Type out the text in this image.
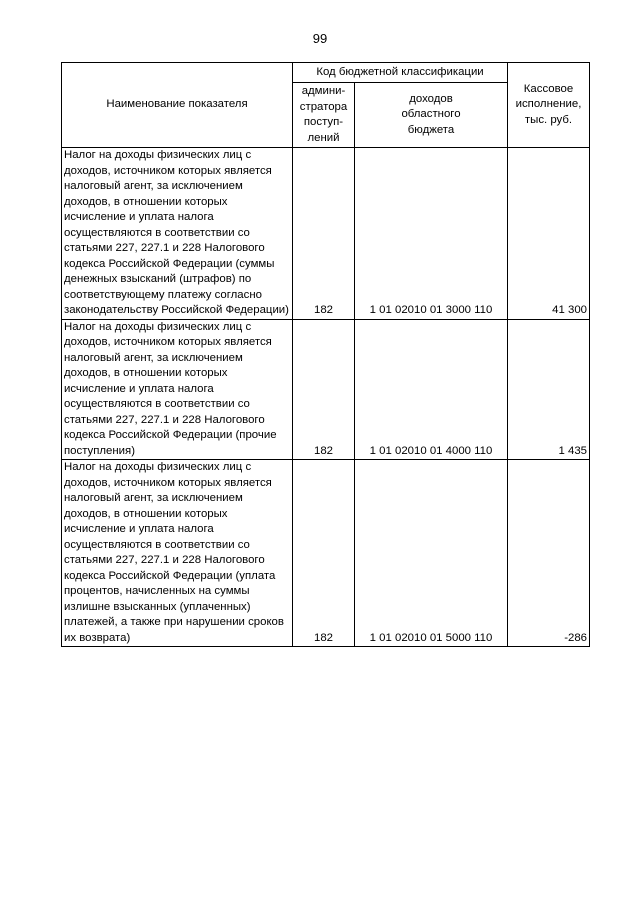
99
Наименование показателя	Код бюджетной классификации		Кассовое
исполнение,
тыс. руб.
	админи-
стратора
поступ-
лений	доходов
областного
бюджета	
Налог на доходы физических лиц с доходов, источником которых является налоговый агент, за исключением доходов, в отношении которых исчисление и уплата налога осуществляются в соответствии со статьями 227, 227.1 и 228 Налогового кодекса Российской Федерации (суммы денежных взысканий (штрафов) по соответствующему платежу согласно законодательству Российской Федерации)	182	1 01 02010 01 3000 110	41 300
Налог на доходы физических лиц с доходов, источником которых является налоговый агент, за исключением доходов, в отношении которых исчисление и уплата налога осуществляются в соответствии со статьями 227, 227.1 и 228 Налогового кодекса Российской Федерации (прочие поступления)	182	1 01 02010 01 4000 110	1 435
Налог на доходы физических лиц с доходов, источником которых является налоговый агент, за исключением доходов, в отношении которых исчисление и уплата налога осуществляются в соответствии со статьями 227, 227.1 и 228 Налогового кодекса Российской Федерации (уплата процентов, начисленных на суммы излишне взысканных (уплаченных) платежей, а также при нарушении сроков их возврата)	182	1 01 02010 01 5000 110	-286
